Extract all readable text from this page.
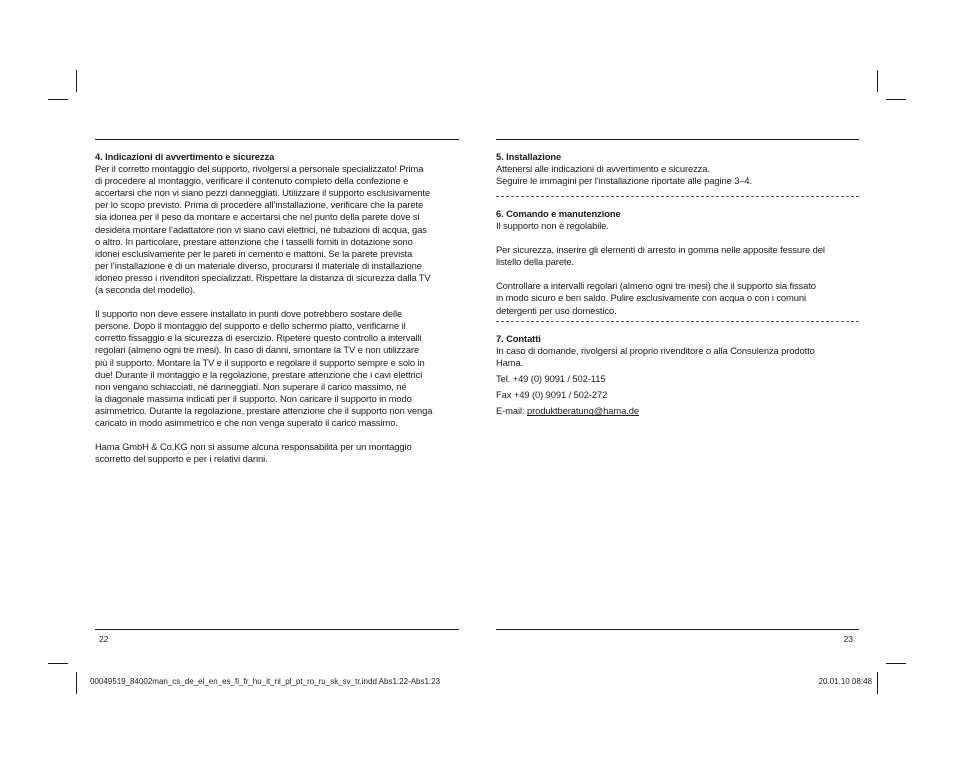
4. Indicazioni di avvertimento e sicurezza

Per il corretto montaggio del supporto, rivolgersi a personale specializzato! Prima
di procedere al montaggio, verificare il contenuto completo della confezione e
accertarsi che non vi siano pezzi danneggiati. Utilizzare il supporto esclusivamente
per lo scopo previsto. Prima di procedere all’installazione, verificare che la parete
sia idonea per il peso da montare e accertarsi che nel punto della parete dove si
desidera montare l’adattatore non vi siano cavi elettrici, né tubazioni di acqua, gas
o altro. In particolare, prestare attenzione che i tasselli forniti in dotazione sono
idonei esclusivamente per le pareti in cemento e mattoni. Se la parete prevista
per l’installazione è di un materiale diverso, procurarsi il materiale di installazione
idoneo presso i rivenditori specializzati. Rispettare la distanza di sicurezza dalla TV
(a seconda del modello).

Il supporto non deve essere installato in punti dove potrebbero sostare delle
persone. Dopo il montaggio del supporto e dello schermo piatto, verificarne il
corretto fissaggio e la sicurezza di esercizio. Ripetere questo controllo a intervalli
regolari (almeno ogni tre mesi). In caso di danni, smontare la TV e non utilizzare
più il supporto. Montare la TV e il supporto e regolare il supporto sempre e solo in
due! Durante il montaggio e la regolazione, prestare attenzione che i cavi elettrici
non vengano schiacciati, né danneggiati. Non superare il carico massimo, né
la diagonale massima indicati per il supporto. Non caricare il supporto in modo
asimmetrico. Durante la regolazione, prestare attenzione che il supporto non venga
caricato in modo asimmetrico e che non venga superato il carico massimo.

Hama GmbH & Co.KG non si assume alcuna responsabilità per un montaggio
scorretto del supporto e per i relativi danni.

5. Installazione

Attenersi alle indicazioni di avvertimento e sicurezza.
Seguire le immagini per l’installazione riportate alle pagine 3–4.

6. Comando e manutenzione

Il supporto non è regolabile.

Per sicurezza, inserire gli elementi di arresto in gomma nelle apposite fessure del
listello della parete.

Controllare a intervalli regolari (almeno ogni tre mesi) che il supporto sia fissato
in modo sicuro e ben saldo. Pulire esclusivamente con acqua o con i comuni
detergenti per uso domestico.

7. Contatti

In caso di domande, rivolgersi al proprio rivenditore o alla Consulenza prodotto
Hama.

Tel. +49 (0) 9091 / 502-115

Fax +49 (0) 9091 / 502-272

E-mail: produktberatung@hama.de

22	23
00049519_84002man_cs_de_el_en_es_fi_fr_hu_it_nl_pl_pt_ro_ru_sk_sv_tr.indd Abs1:22-Abs1:23	20.01.10 08:48
